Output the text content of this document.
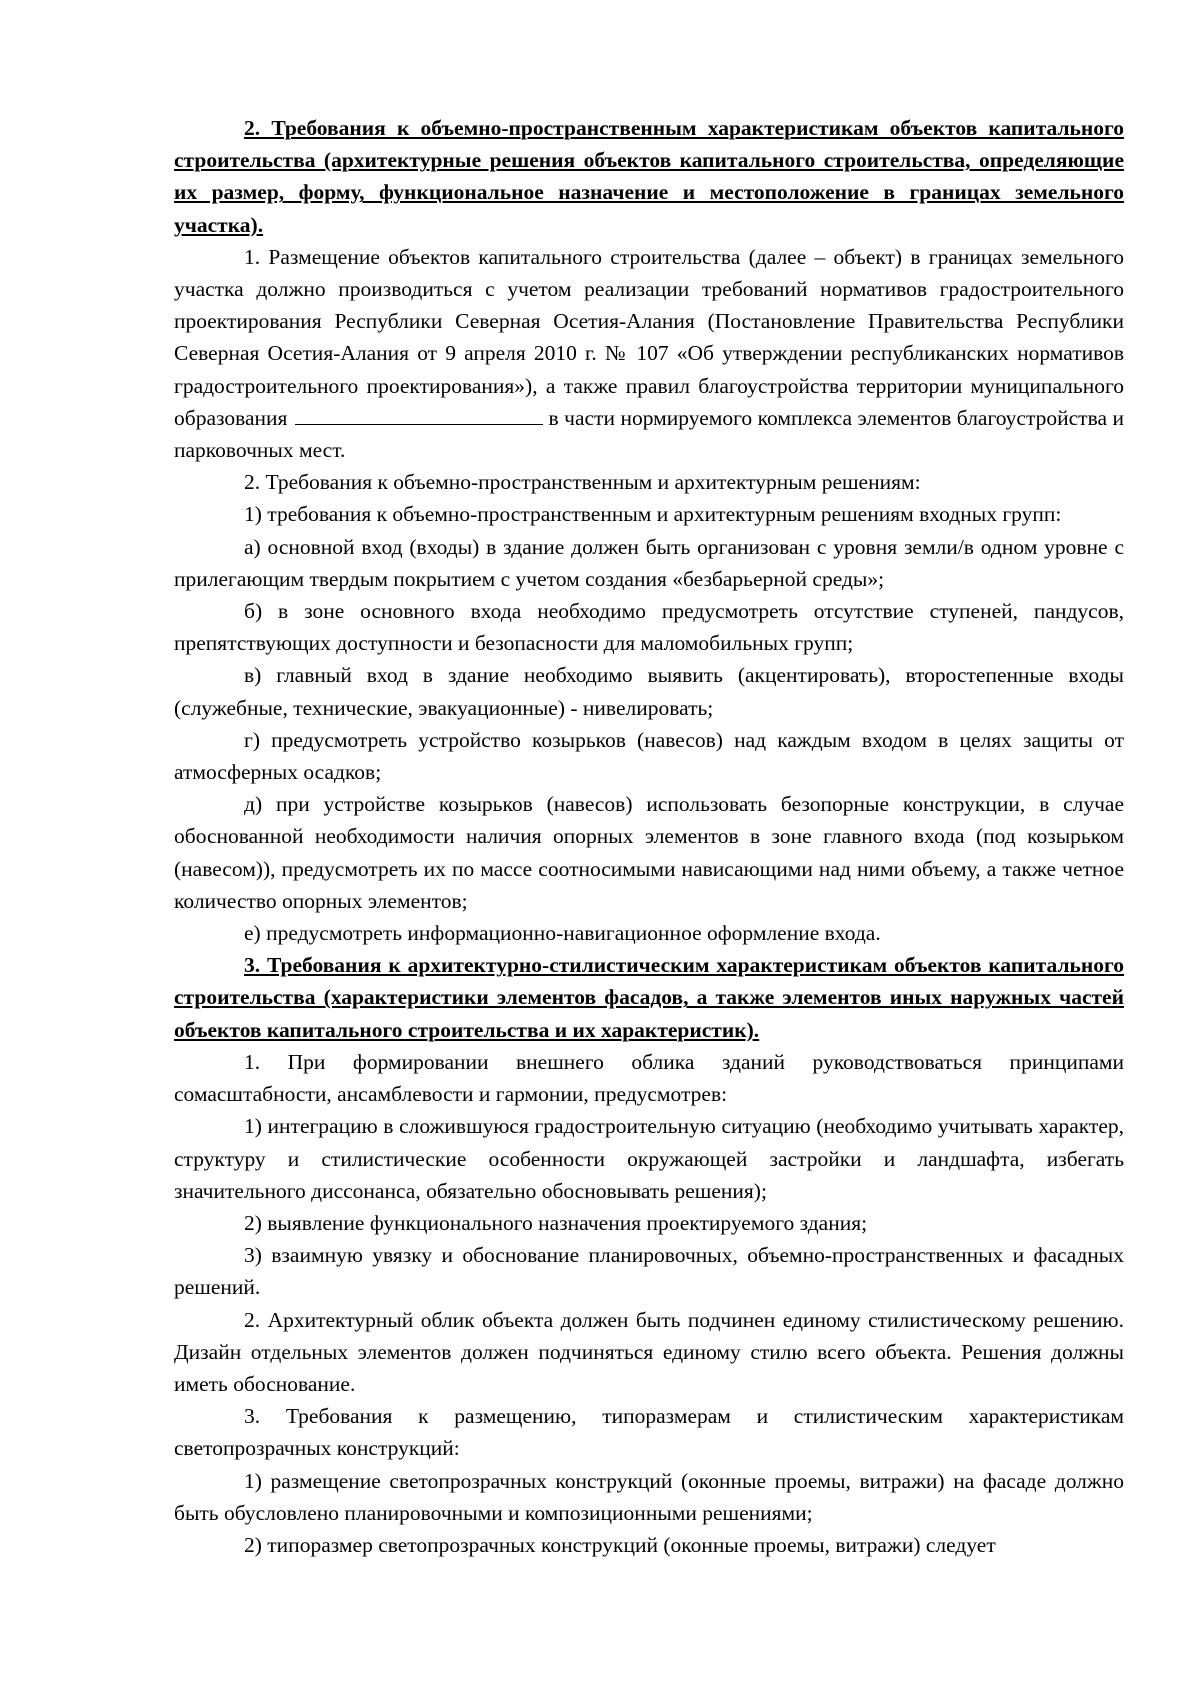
2. Требования к объемно-пространственным характеристикам объектов капитального строительства (архитектурные решения объектов капитального строительства, определяющие их размер, форму, функциональное назначение и местоположение в границах земельного участка).

1. Размещение объектов капитального строительства (далее – объект) в границах земельного участка должно производиться с учетом реализации требований нормативов градостроительного проектирования Республики Северная Осетия-Алания (Постановление Правительства Республики Северная Осетия-Алания от 9 апреля 2010 г. № 107 «Об утверждении республиканских нормативов градостроительного проектирования»), а также правил благоустройства территории муниципального образования	в части нормируемого комплекса элементов благоустройства и парковочных мест.

2. Требования к объемно-пространственным и архитектурным решениям:

1) требования к объемно-пространственным и архитектурным решениям входных групп:

а) основной вход (входы) в здание должен быть организован с уровня земли/в одном уровне с прилегающим твердым покрытием с учетом создания «безбарьерной среды»;

б) в зоне основного входа необходимо предусмотреть отсутствие ступеней, пандусов, препятствующих доступности и безопасности для маломобильных групп;

в) главный вход в здание необходимо выявить (акцентировать), второстепенные входы (служебные, технические, эвакуационные) - нивелировать;

г) предусмотреть устройство козырьков (навесов) над каждым входом в целях защиты от атмосферных осадков;

д) при устройстве козырьков (навесов) использовать безопорные конструкции, в случае обоснованной необходимости наличия опорных элементов в зоне главного входа (под козырьком (навесом)), предусмотреть их по массе соотносимыми нависающими над ними объему, а также четное количество опорных элементов;

е) предусмотреть информационно-навигационное оформление входа.

3. Требования к архитектурно-стилистическим характеристикам объектов капитального строительства (характеристики элементов фасадов, а также элементов иных наружных частей объектов капитального строительства и их характеристик).

1. При формировании внешнего облика зданий руководствоваться принципами сомасштабности, ансамблевости и гармонии, предусмотрев:

1) интеграцию в сложившуюся градостроительную ситуацию (необходимо учитывать характер, структуру и стилистические особенности окружающей застройки и ландшафта, избегать значительного диссонанса, обязательно обосновывать решения);

2) выявление функционального назначения проектируемого здания;

3) взаимную увязку и обоснование планировочных, объемно-пространственных и фасадных решений.

2. Архитектурный облик объекта должен быть подчинен единому стилистическому решению. Дизайн отдельных элементов должен подчиняться единому стилю всего объекта. Решения должны иметь обоснование.

3. Требования к размещению, типоразмерам и стилистическим характеристикам светопрозрачных конструкций:

1) размещение светопрозрачных конструкций (оконные проемы, витражи) на фасаде должно быть обусловлено планировочными и композиционными решениями;

2) типоразмер светопрозрачных конструкций (оконные проемы, витражи) следует
